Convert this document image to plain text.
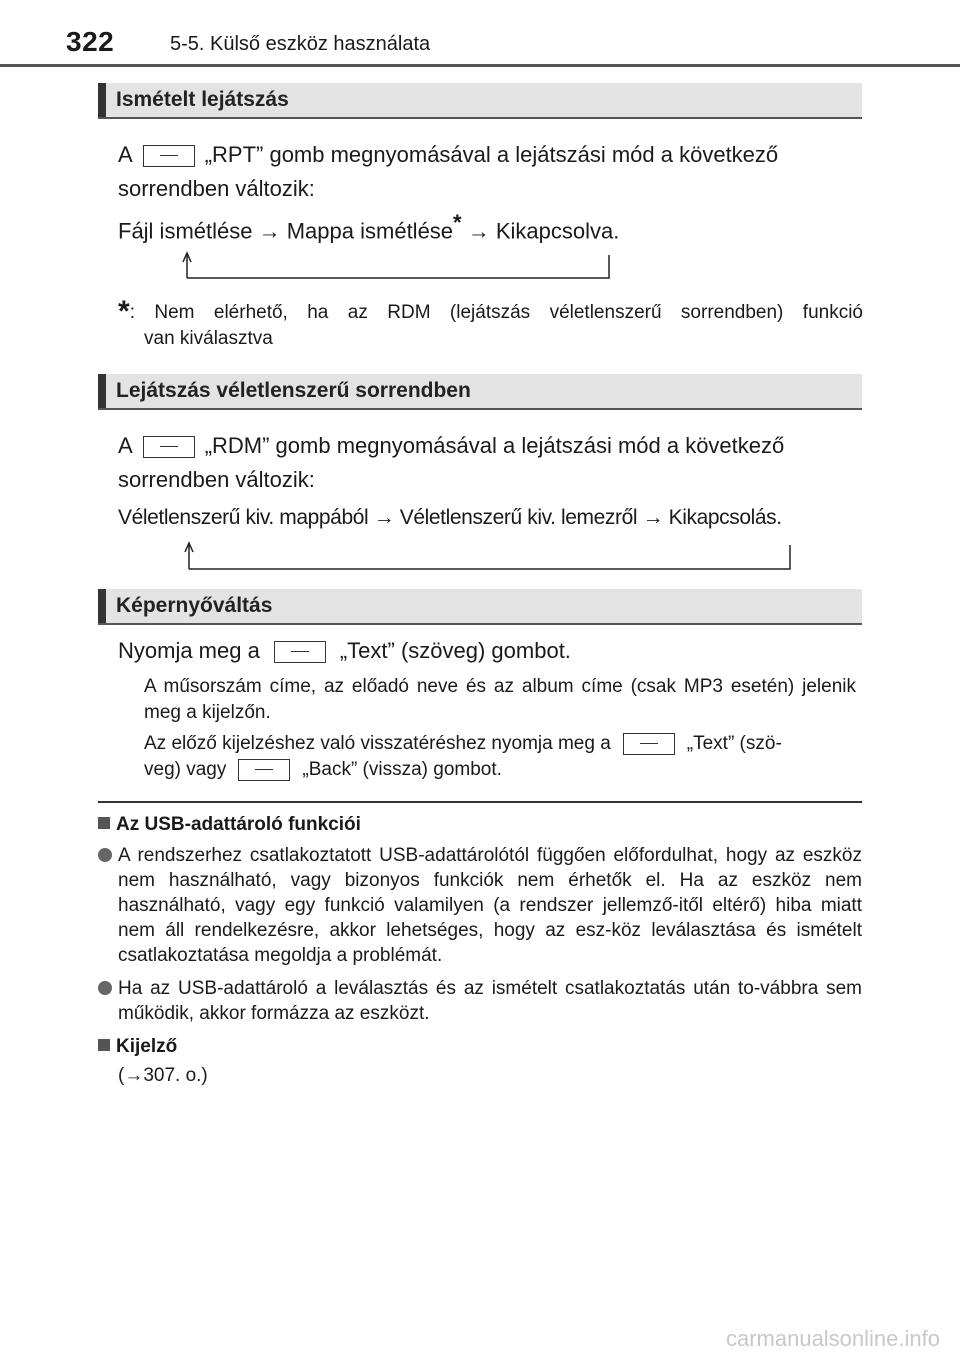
322	5-5. Külső eszköz használata
Ismételt lejátszás
A	„RPT” gomb megnyomásával a lejátszási mód a következő
sorrendben változik:
Fájl ismétlése → Mappa ismétlése* → Kikapcsolva.
* : Nem elérhető, ha az RDM (lejátszás véletlenszerű sorrendben) funkció
van kiválasztva
Lejátszás véletlenszerű sorrendben
A	„RDM” gomb megnyomásával a lejátszási mód a következő
sorrendben változik:
Véletlenszerű kiv. mappából → Véletlenszerű kiv. lemezről → Kikapcsolás.
Képernyőváltás
Nyomja meg a	„Text” (szöveg) gombot.
A műsorszám címe, az előadó neve és az album címe (csak MP3 esetén) jelenik meg a kijelzőn.
Az előző kijelzéshez való visszatéréshez nyomja meg a	„Text” (szö-
veg) vagy	„Back” (vissza) gombot.
Az USB-adattároló funkciói
A rendszerhez csatlakoztatott USB-adattárolótól függően előfordulhat, hogy az eszköz nem használható, vagy bizonyos funkciók nem érhetők el. Ha az eszköz nem használható, vagy egy funkció valamilyen (a rendszer jellemző-itől eltérő) hiba miatt nem áll rendelkezésre, akkor lehetséges, hogy az esz-köz leválasztása és ismételt csatlakoztatása megoldja a problémát.
Ha az USB-adattároló a leválasztás és az ismételt csatlakoztatás után to-vábbra sem működik, akkor formázza az eszközt.
Kijelző
(→307. o.)
carmanualsonline.info
